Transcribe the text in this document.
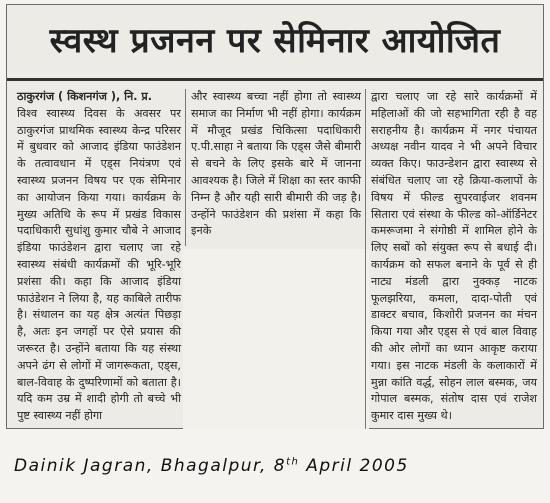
स्वस्थ प्रजनन पर सेमिनार आयोजित

ठाकुरगंज ( किशनगंज ), नि. प्र.

विश्व स्वास्थ्य दिवस के अवसर पर ठाकुरगंज प्राथमिक स्वास्थ्य केन्द्र परिसर में बुधवार को आजाद इंडिया फाउंडेशन के तत्वावधान में एड्स नियंत्रण एवं स्वास्थ्य प्रजनन विषय पर एक सेमिनार का आयोजन किया गया। कार्यक्रम के मुख्य अतिथि के रूप में प्रखंड विकास पदाधिकारी सुधांशु कुमार चौबे ने आजाद इंडिया फाउंडेशन द्वारा चलाए जा रहे स्वास्थ्य संबंधी कार्यक्रमों की भूरि-भूरि प्रशंसा की। कहा कि आजाद इंडिया फाउंडेशन ने लिया है, यह काबिले तारीफ है। संथालन का यह क्षेत्र अत्यंत पिछड़ा है, अतः इन जगहों पर ऐसे प्रयास की जरूरत है। उन्होंने बताया कि यह संस्था अपने ढंग से लोगों में जागरूकता, एड्स, बाल-विवाह के दुष्परिणामों को बताता है। यदि कम उम्र में शादी होगी तो बच्चे भी पुष्ट स्वास्थ्य नहीं होगा

और स्वास्थ्य बच्चा नहीं होगा तो स्वास्थ्य समाज का निर्माण भी नहीं होगा। कार्यक्रम में मौजूद प्रखंड चिकित्सा पदाधिकारी ए.पी.साहा ने बताया कि एड्स जैसे बीमारी से बचने के लिए इसके बारे में जानना आवश्यक है। जिले में शिक्षा का स्तर काफी निम्न है और यही सारी बीमारी की जड़ है। उन्होंने फाउंडेशन की प्रशंसा में कहा कि इनके

द्वारा चलाए जा रहे सारे कार्यक्रमों में महिलाओं की जो सहभागिता रही है वह सराहनीय है। कार्यक्रम में नगर पंचायत अध्यक्ष नवीन यादव ने भी अपने विचार व्यक्त किए। फाउन्डेशन द्वारा स्वास्थ्य से संबंधित चलाए जा रहे क्रिया-कलापों के विषय में फील्ड सुपरवाईजर शवनम सितारा एवं संस्था के फील्ड को-ऑर्डिनेटर कमरूजमा ने संगोष्ठी में शामिल होने के लिए सबों को संयुक्त रूप से बधाई दी। कार्यक्रम को सफल बनाने के पूर्व से ही नाट्य मंडली द्वारा नुक्कड़ नाटक फूलझरिया, कमला, दादा-पोती एवं डाक्टर बचाव, किशोरी प्रजनन का मंचन किया गया और एड्स से एवं बाल विवाह की ओर लोगों का ध्यान आकृष्ट कराया गया। इस नाटक मंडली के कलाकारों में मुन्ना कांति वर्द्ध, सोहन लाल बस्मक, जय गोपाल बस्मक, संतोष दास एवं राजेश कुमार दास मुख्य थे।

Dainik Jagran, Bhagalpur, 8th April 2005
